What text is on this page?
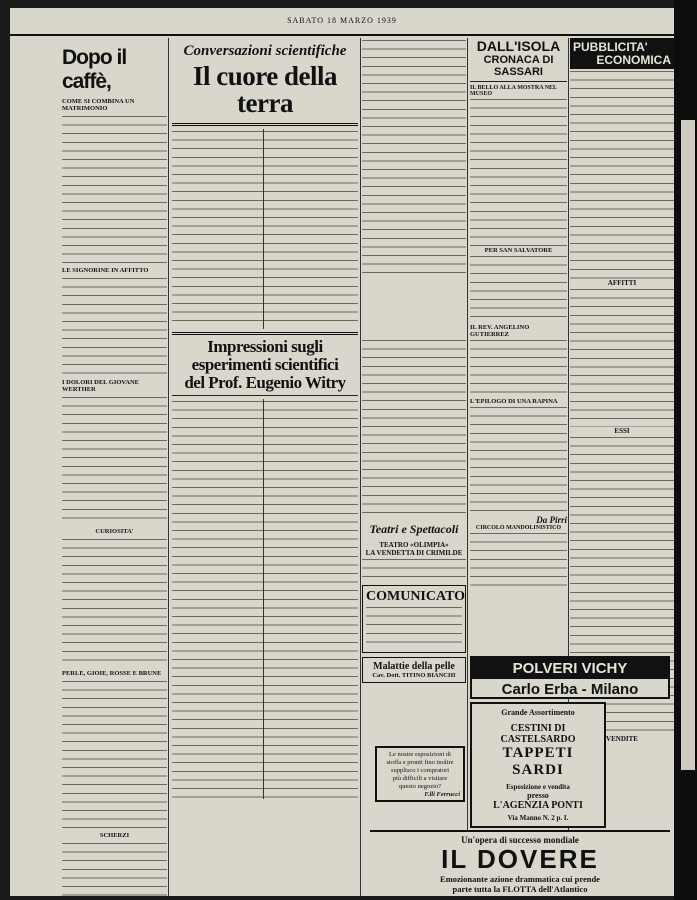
SABATO 18 MARZO 1939
Dopo il caffè,
COME SI COMBINA UN MATRIMONIO
LE SIGNORINE IN AFFITTO
I DOLORI DEL GIOVANE WERTHER
CURIOSITA'
PERLE, GIOIE, ROSSE E BRUNE
SCHERZI
Conversazioni scientifiche
Il cuore della terra
Impressioni sugli
esperimenti scientifici
del Prof. Eugenio Witry
Teatri e Spettacoli
TEATRO «OLIMPIA»
LA VENDETTA DI CRIMILDE
COMUNICATO
Malattie della pelle
Cav. Dott. TITINO BIANCHI
Le nostre esposizioni di
stoffa e pronti fino inoltre
supplisco i compratori
più difficili a visitare
questo negozio?
F.lli Ferrucci
DALL'ISOLA
CRONACA DI SASSARI
IL BELLO ALLA MOSTRA NEL MUSEO
PER SAN SALVATORE
IL REV. ANGELINO GUTIERREZ
L'EPILOGO DI UNA RAPINA
Da Pirri
CIRCOLO MANDOLINISTICO
PUBBLICITA'
ECONOMICA
AFFITTI
ESSI
VENDITE
POLVERI VICHY
Carlo Erba - Milano
Grande Assortimento
CESTINI DI CASTELSARDO
TAPPETI SARDI
Esposizione e vendita
presso
L'AGENZIA PONTI
Via Manno N. 2 p. I.
Un'opera di successo mondiale
IL DOVERE
Emozionante azione drammatica cui prende
parte tutta la FLOTTA dell'Atlantico
